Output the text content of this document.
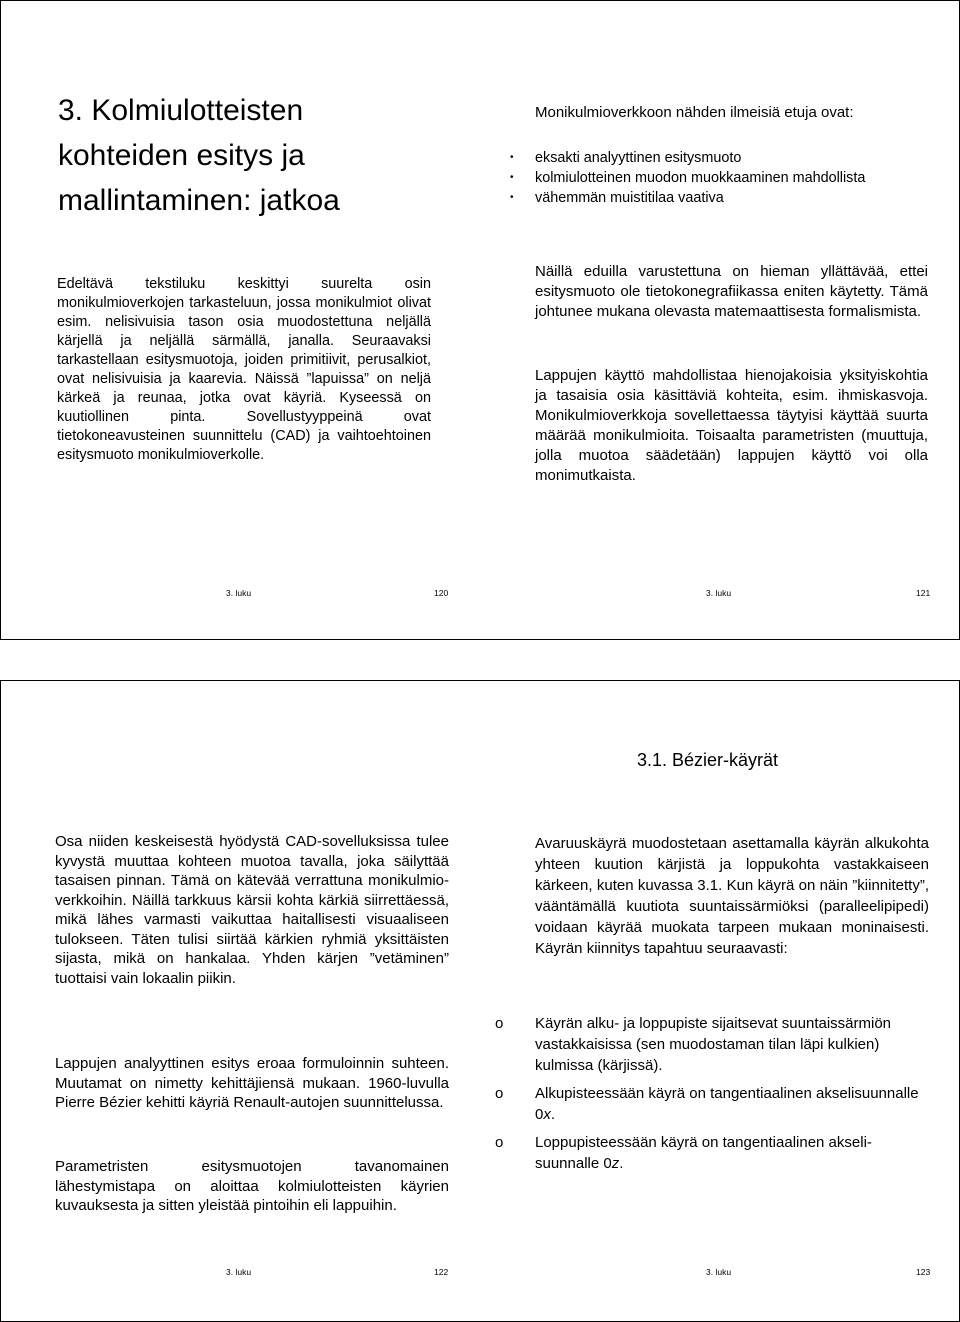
3. Kolmiulotteisten
kohteiden esitys ja
mallintaminen: jatkoa

Edeltävä tekstiluku keskittyi suurelta osin monikulmioverkojen tarkasteluun, jossa monikulmiot olivat esim. nelisivuisia tason osia muodostettuna neljällä kärjellä ja neljällä särmällä, janalla. Seuraavaksi tarkastellaan esitysmuotoja, joiden primitiivit, perusalkiot, ovat nelisivuisia ja kaarevia. Näissä ”lapuissa” on neljä kärkeä ja reunaa, jotka ovat käyriä. Kyseessä on kuutiollinen pinta. Sovellustyyppeinä ovat tietokoneavusteinen suunnittelu (CAD) ja vaihtoehtoinen esitysmuoto monikulmioverkolle.

3. luku	120

Monikulmioverkkoon nähden ilmeisiä etuja ovat:

• eksakti analyyttinen esitysmuoto
• kolmiulotteinen muodon muokkaaminen mahdollista
• vähemmän muistitilaa vaativa

Näillä eduilla varustettuna on hieman yllättävää, ettei esitysmuoto ole tietokonegrafiikassa eniten käytetty. Tämä johtunee mukana olevasta matemaattisesta formalismista.

Lappujen käyttö mahdollistaa hienojakoisia yksityiskohtia ja tasaisia osia käsittäviä kohteita, esim. ihmiskasvoja. Monikulmioverkkoja sovellettaessa täytyisi käyttää suurta määrää monikulmioita. Toisaalta parametristen (muuttuja, jolla muotoa säädetään) lappujen käyttö voi olla monimutkaista.

3. luku	121

Osa niiden keskeisestä hyödystä CAD-sovelluksissa tulee kyvystä muuttaa kohteen muotoa tavalla, joka säilyttää tasaisen pinnan. Tämä on kätevää verrattuna monikulmioverkkoihin. Näillä tarkkuus kärsii kohta kärkiä siirrettäessä, mikä lähes varmasti vaikuttaa haitallisesti visuaaliseen tulokseen. Täten tulisi siirtää kärkien ryhmiä yksittäisten sijasta, mikä on hankalaa. Yhden kärjen ”vetäminen” tuottaisi vain lokaalin piikin.

Lappujen analyyttinen esitys eroaa formuloinnin suhteen. Muutamat on nimetty kehittäjiensä mukaan. 1960-luvulla Pierre Bézier kehitti käyriä Renault-autojen suunnittelussa.

Parametristen esitysmuotojen tavanomainen lähestymistapa on aloittaa kolmiulotteisten käyrien kuvauksesta ja sitten yleistää pintoihin eli lappuihin.

3. luku	122
3.1. Bézier-käyrät

Avaruuskäyrä muodostetaan asettamalla käyrän alkukohta yhteen kuution kärjistä ja loppukohta vastakkaiseen kärkeen, kuten kuvassa 3.1. Kun käyrä on näin ”kiinnitetty”, vääntämällä kuutiota suuntaissärmiöksi (paralleelipipedi) voidaan käyrää muokata tarpeen mukaan moninaisesti. Käyrän kiinnitys tapahtuu seuraavasti:

o Käyrän alku- ja loppupiste sijaitsevat suuntaissärmiön vastakkaisissa (sen muodostaman tilan läpi kulkien) kulmissa (kärjissä).
o Alkupisteessään käyrä on tangentiaalinen akselisuunnalle 0x.
o Loppupisteessään käyrä on tangentiaalinen akselisuunnalle 0z.
3. luku	123
